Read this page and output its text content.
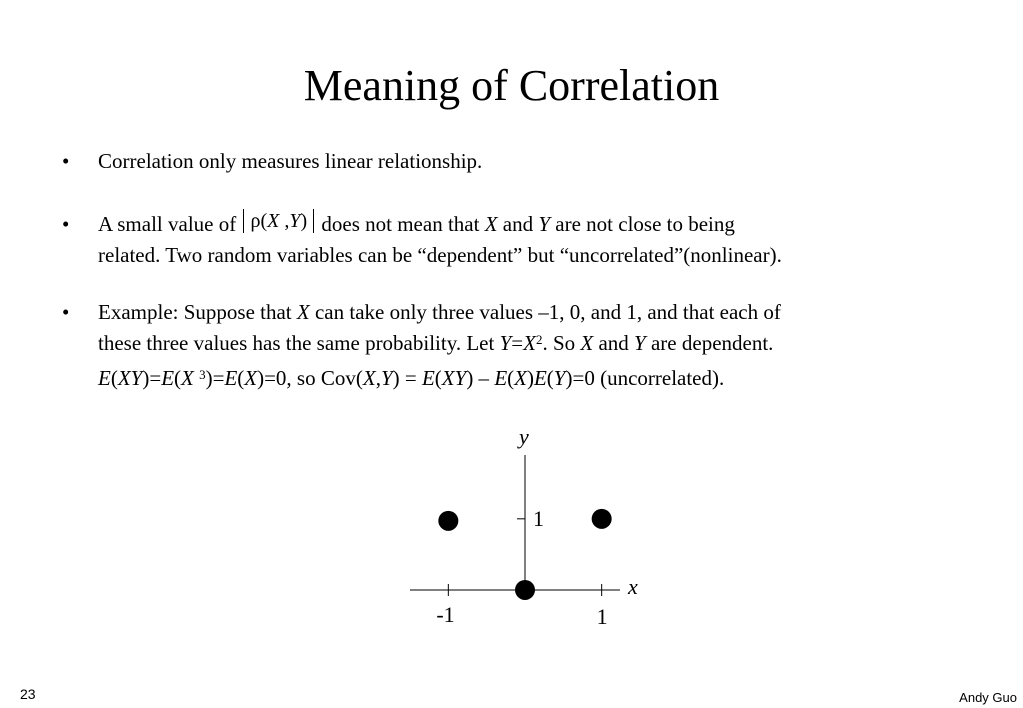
Meaning of Correlation
• Correlation only measures linear relationship.
• A small value of ρ(X ,Y) does not mean that X and Y are not close to being
related. Two random variables can be “dependent” but “uncorrelated”(nonlinear).
• Example: Suppose that X can take only three values –1, 0, and 1, and that each of
these three values has the same probability. Let $Y=X^2$. So X and Y are dependent.
E(XY)=E(X $^3$)=E(X)=0, so Cov(X,Y) = E(XY) – E(X)E(Y)=0 (uncorrelated).
y
x
-1	1
1
23	Andy Guo
